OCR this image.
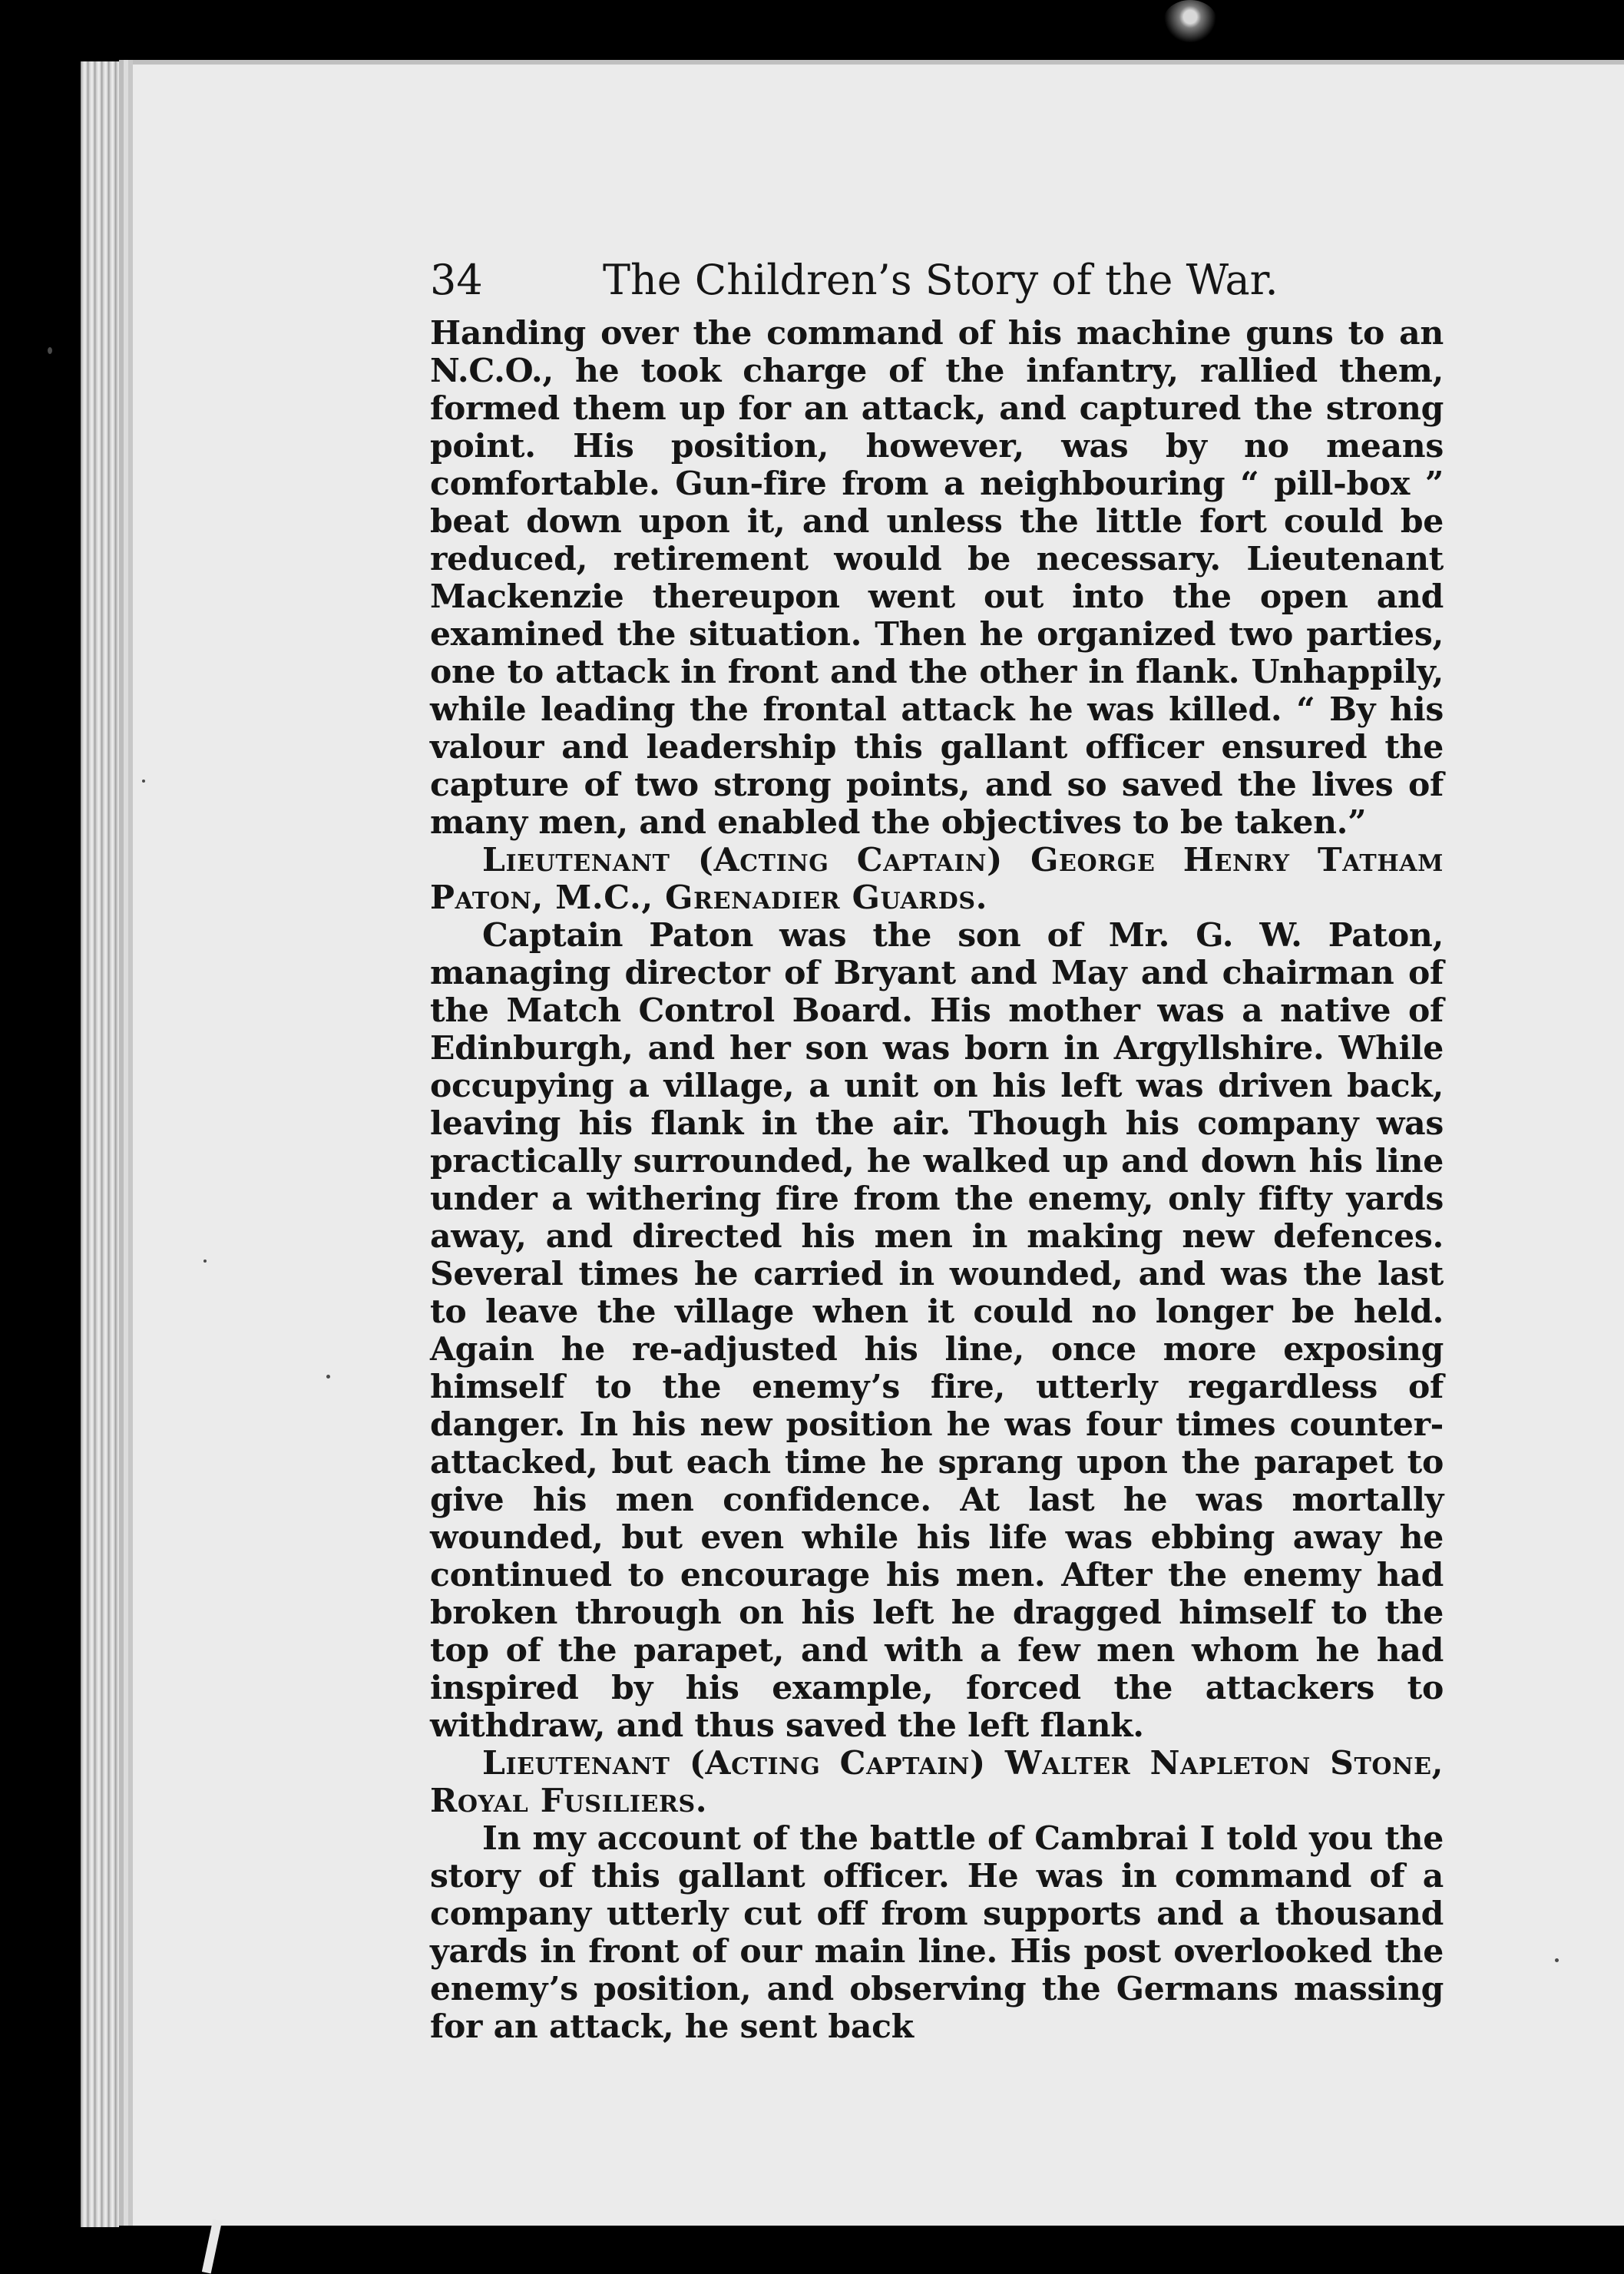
34	The Children’s Story of the War.

Handing over the command of his machine guns to an N.C.O., he took charge of the infantry, rallied them, formed them up for an attack, and captured the strong point. His position, however, was by no means comfortable. Gun-fire from a neighbouring “ pill-box ” beat down upon it, and unless the little fort could be reduced, retirement would be necessary. Lieutenant Mackenzie thereupon went out into the open and examined the situation. Then he organized two parties, one to attack in front and the other in flank. Unhappily, while leading the frontal attack he was killed. “ By his valour and leadership this gallant officer ensured the capture of two strong points, and so saved the lives of many men, and enabled the objectives to be taken.”

Lieutenant (Acting Captain) George Henry Tatham Paton, M.C., Grenadier Guards.

Captain Paton was the son of Mr. G. W. Paton, managing director of Bryant and May and chairman of the Match Control Board. His mother was a native of Edinburgh, and her son was born in Argyllshire. While occupying a village, a unit on his left was driven back, leaving his flank in the air. Though his company was practically surrounded, he walked up and down his line under a withering fire from the enemy, only fifty yards away, and directed his men in making new defences. Several times he carried in wounded, and was the last to leave the village when it could no longer be held. Again he re-adjusted his line, once more exposing himself to the enemy’s fire, utterly regardless of danger. In his new position he was four times counter-attacked, but each time he sprang upon the parapet to give his men confidence. At last he was mortally wounded, but even while his life was ebbing away he continued to encourage his men. After the enemy had broken through on his left he dragged himself to the top of the parapet, and with a few men whom he had inspired by his example, forced the attackers to withdraw, and thus saved the left flank.

Lieutenant (Acting Captain) Walter Napleton Stone, Royal Fusiliers.

In my account of the battle of Cambrai I told you the story of this gallant officer. He was in command of a company utterly cut off from supports and a thousand yards in front of our main line. His post overlooked the enemy’s position, and observing the Germans massing for an attack, he sent back
